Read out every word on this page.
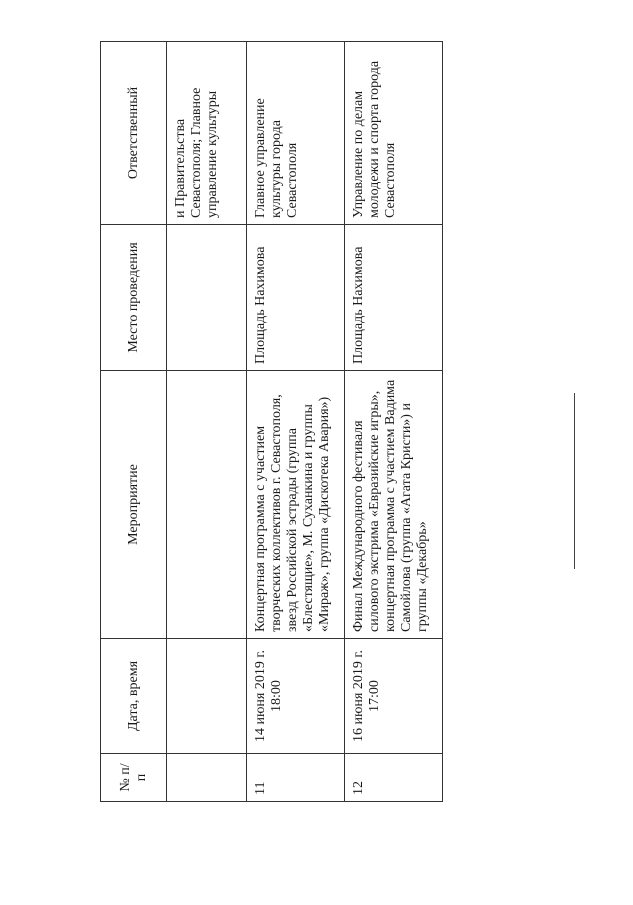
№ п/п	Дата, время	Мероприятие	Место проведения	Ответственный
				и Правительства Севастополя; Главное управление культуры
11	14 июня 2019 г. 18:00	Концертная программа с участием творческих коллективов г. Севастополя, звезд Российской эстрады (группа «Блестящие», М. Суханкина и группы «Мираж», группа «Дискотека Авария»)	Площадь Нахимова	Главное управление культуры города Севастополя
12	16 июня 2019 г. 17:00	Финал Международного фестиваля силового экстрима «Евразийские игры», концертная программа с участием Вадима Самойлова (группа «Агата Кристи») и группы «Декабрь»	Площадь Нахимова	Управление по делам молодежи и спорта города Севастополя
